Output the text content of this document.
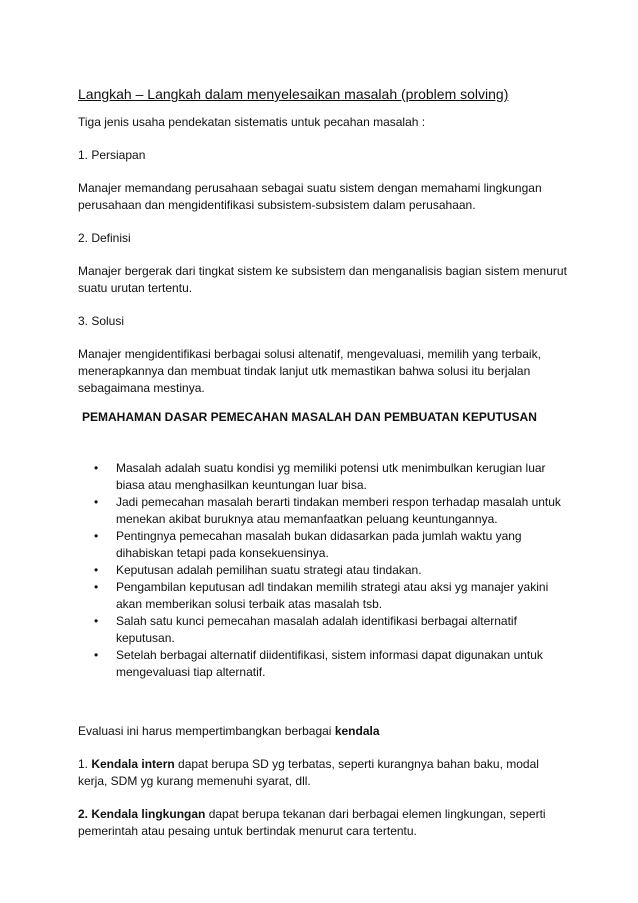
Langkah – Langkah dalam menyelesaikan masalah (problem solving)

Tiga jenis usaha pendekatan sistematis untuk pecahan masalah :

1. Persiapan

Manajer memandang perusahaan sebagai suatu sistem dengan memahami lingkungan perusahaan dan mengidentifikasi subsistem-subsistem dalam perusahaan.

2. Definisi

Manajer bergerak dari tingkat sistem ke subsistem dan menganalisis bagian sistem menurut suatu urutan tertentu.

3. Solusi

Manajer mengidentifikasi berbagai solusi altenatif, mengevaluasi, memilih yang terbaik, menerapkannya dan membuat tindak lanjut utk memastikan bahwa solusi itu berjalan sebagaimana mestinya.

PEMAHAMAN DASAR PEMECAHAN MASALAH DAN PEMBUATAN KEPUTUSAN
• Masalah adalah suatu kondisi yg memiliki potensi utk menimbulkan kerugian luar biasa atau menghasilkan keuntungan luar bisa.
• Jadi pemecahan masalah berarti tindakan memberi respon terhadap masalah untuk menekan akibat buruknya atau memanfaatkan peluang keuntungannya.
• Pentingnya pemecahan masalah bukan didasarkan pada jumlah waktu yang dihabiskan tetapi pada konsekuensinya.
• Keputusan adalah pemilihan suatu strategi atau tindakan.
• Pengambilan keputusan adl tindakan memilih strategi atau aksi yg manajer yakini akan memberikan solusi terbaik atas masalah tsb.
• Salah satu kunci pemecahan masalah adalah identifikasi berbagai alternatif keputusan.
• Setelah berbagai alternatif diidentifikasi, sistem informasi dapat digunakan untuk mengevaluasi tiap alternatif.

Evaluasi ini harus mempertimbangkan berbagai kendala

1. Kendala intern dapat berupa SD yg terbatas, seperti kurangnya bahan baku, modal kerja, SDM yg kurang memenuhi syarat, dll.

2. Kendala lingkungan dapat berupa tekanan dari berbagai elemen lingkungan, seperti pemerintah atau pesaing untuk bertindak menurut cara tertentu.
